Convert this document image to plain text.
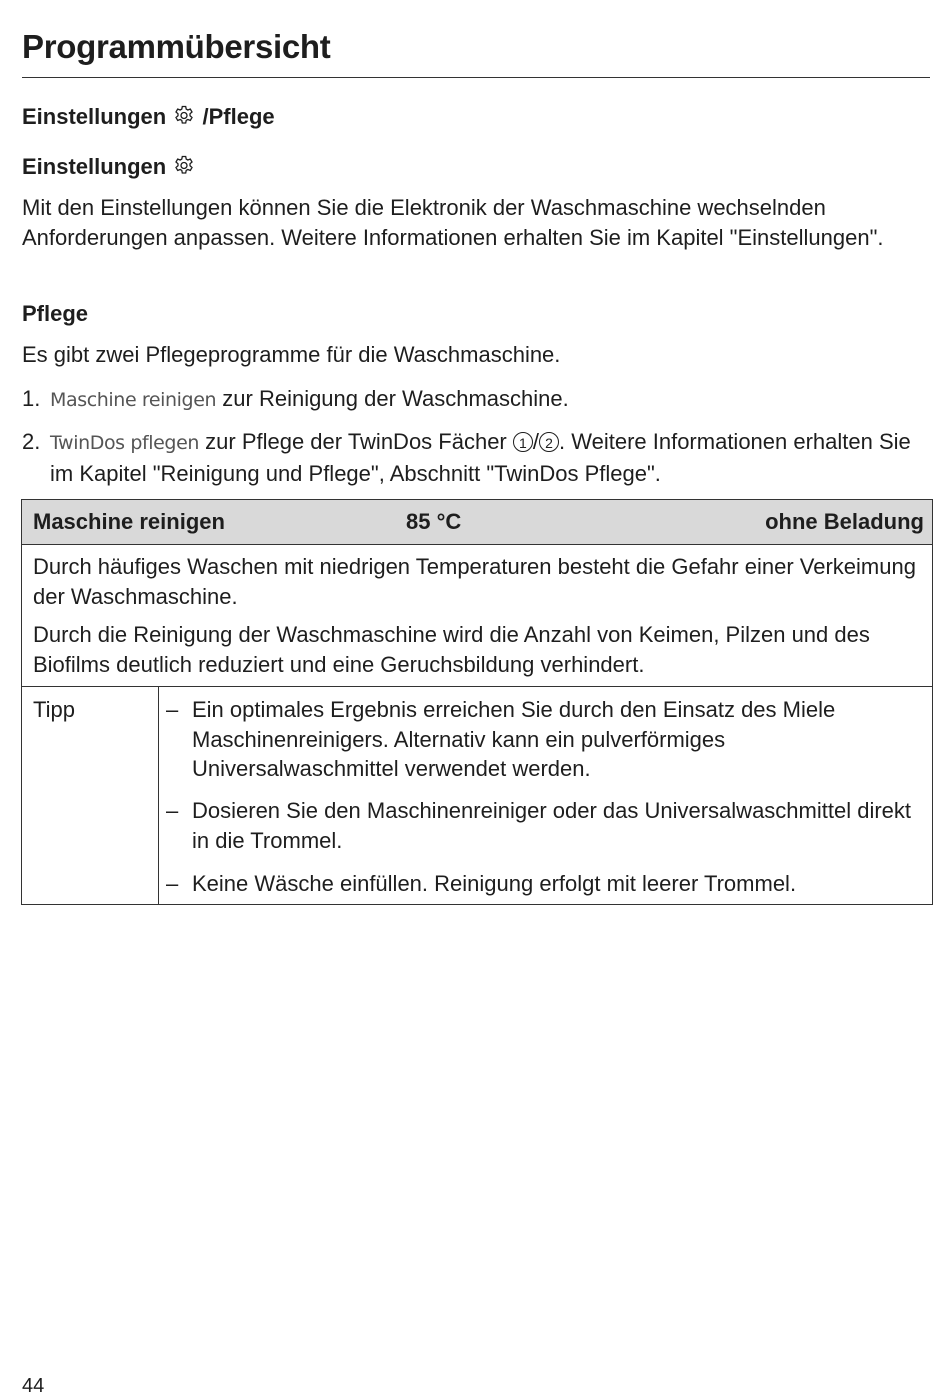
Programmübersicht
Einstellungen /Pflege
Einstellungen

Mit den Einstellungen können Sie die Elektronik der Waschmaschine wechselnden Anforderungen anpassen. Weitere Informationen erhalten Sie im Kapitel "Einstellungen".

Pflege

Es gibt zwei Pflegeprogramme für die Waschmaschine.

1. Maschine reinigen zur Reinigung der Waschmaschine.

2. TwinDos pflegen zur Pflege der TwinDos Fächer 1 / 2 . Weitere Informationen erhalten Sie im Kapitel "Reinigung und Pflege", Abschnitt "TwinDos Pflege".

Maschine reinigen	85 °C	ohne Beladung

Durch häufiges Waschen mit niedrigen Temperaturen besteht die Gefahr einer Verkeimung der Waschmaschine.

Durch die Reinigung der Waschmaschine wird die Anzahl von Keimen, Pilzen und des Biofilms deutlich reduziert und eine Geruchsbildung verhindert.

Tipp	– Ein optimales Ergebnis erreichen Sie durch den Einsatz des Miele Maschinenreinigers. Alternativ kann ein pulverförmiges Universalwaschmittel verwendet werden.

– Dosieren Sie den Maschinenreiniger oder das Universalwaschmittel direkt in die Trommel.

– Keine Wäsche einfüllen. Reinigung erfolgt mit leerer Trommel.

44
